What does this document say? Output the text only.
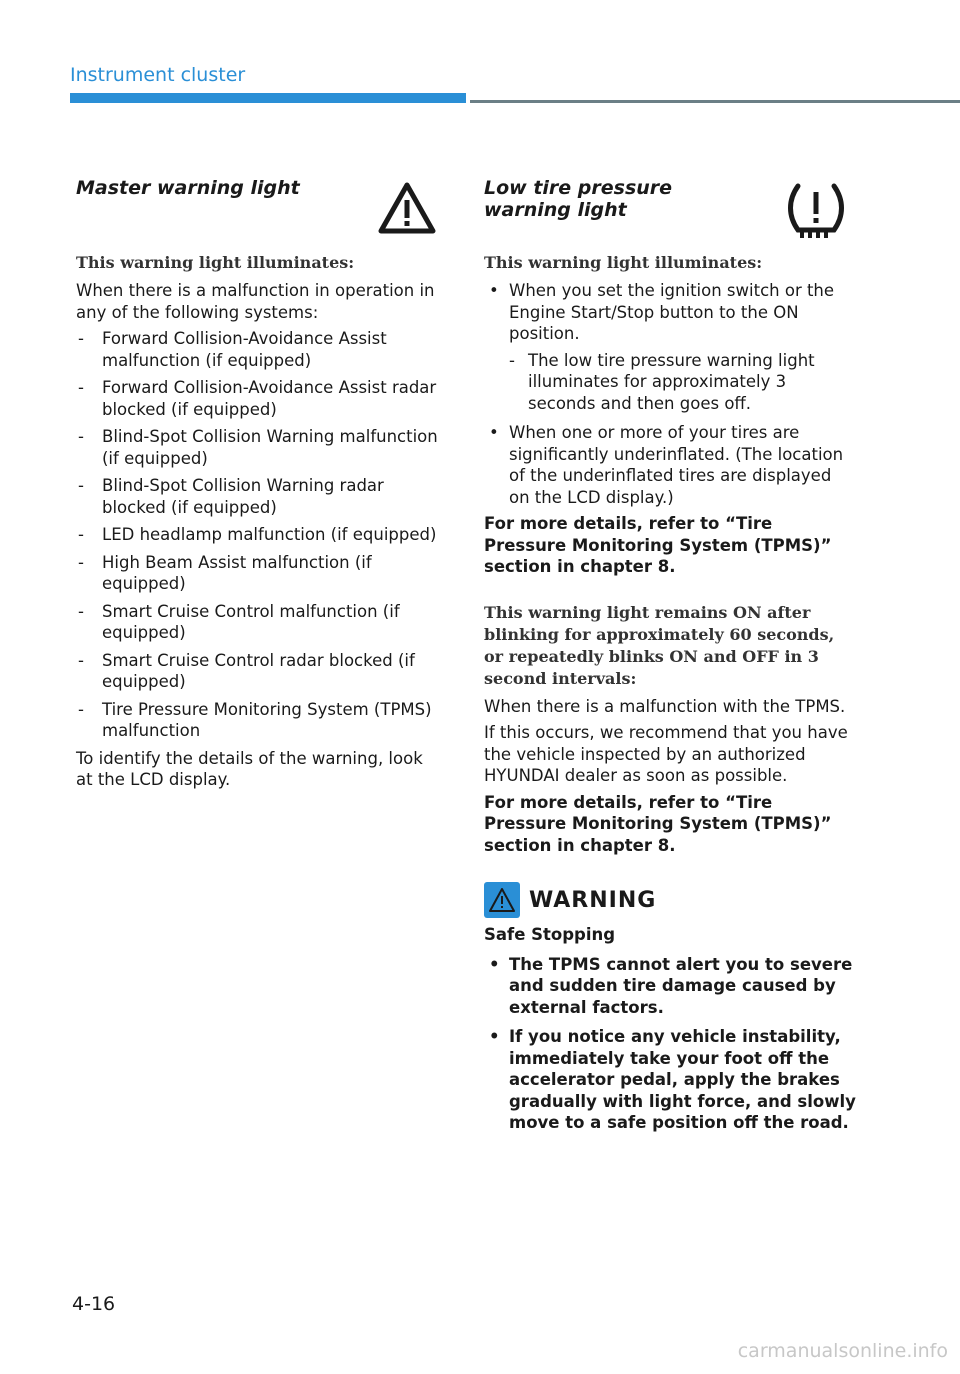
Instrument cluster
Master warning light
This warning light illuminates:

When there is a malfunction in operation in any of the following systems:

- Forward Collision-Avoidance Assist malfunction (if equipped)
- Forward Collision-Avoidance Assist radar blocked (if equipped)
- Blind-Spot Collision Warning malfunction (if equipped)
- Blind-Spot Collision Warning radar blocked (if equipped)
- LED headlamp malfunction (if equipped)
- High Beam Assist malfunction (if equipped)
- Smart Cruise Control malfunction (if equipped)
- Smart Cruise Control radar blocked (if equipped)
- Tire Pressure Monitoring System (TPMS) malfunction

To identify the details of the warning, look at the LCD display.

Low tire pressure warning light
This warning light illuminates:
• When you set the ignition switch or the Engine Start/Stop button to the ON position.
- The low tire pressure warning light illuminates for approximately 3 seconds and then goes off.
• When one or more of your tires are significantly underinflated. (The location of the underinflated tires are displayed on the LCD display.)

For more details, refer to “Tire Pressure Monitoring System (TPMS)” section in chapter 8.

This warning light remains ON after blinking for approximately 60 seconds, or repeatedly blinks ON and OFF in 3 second intervals:

When there is a malfunction with the TPMS.

If this occurs, we recommend that you have the vehicle inspected by an authorized HYUNDAI dealer as soon as possible.

For more details, refer to “Tire Pressure Monitoring System (TPMS)” section in chapter 8.

WARNING

Safe Stopping

• The TPMS cannot alert you to severe and sudden tire damage caused by external factors.
• If you notice any vehicle instability, immediately take your foot off the accelerator pedal, apply the brakes gradually with light force, and slowly move to a safe position off the road.
4-16
carmanualsonline.info
